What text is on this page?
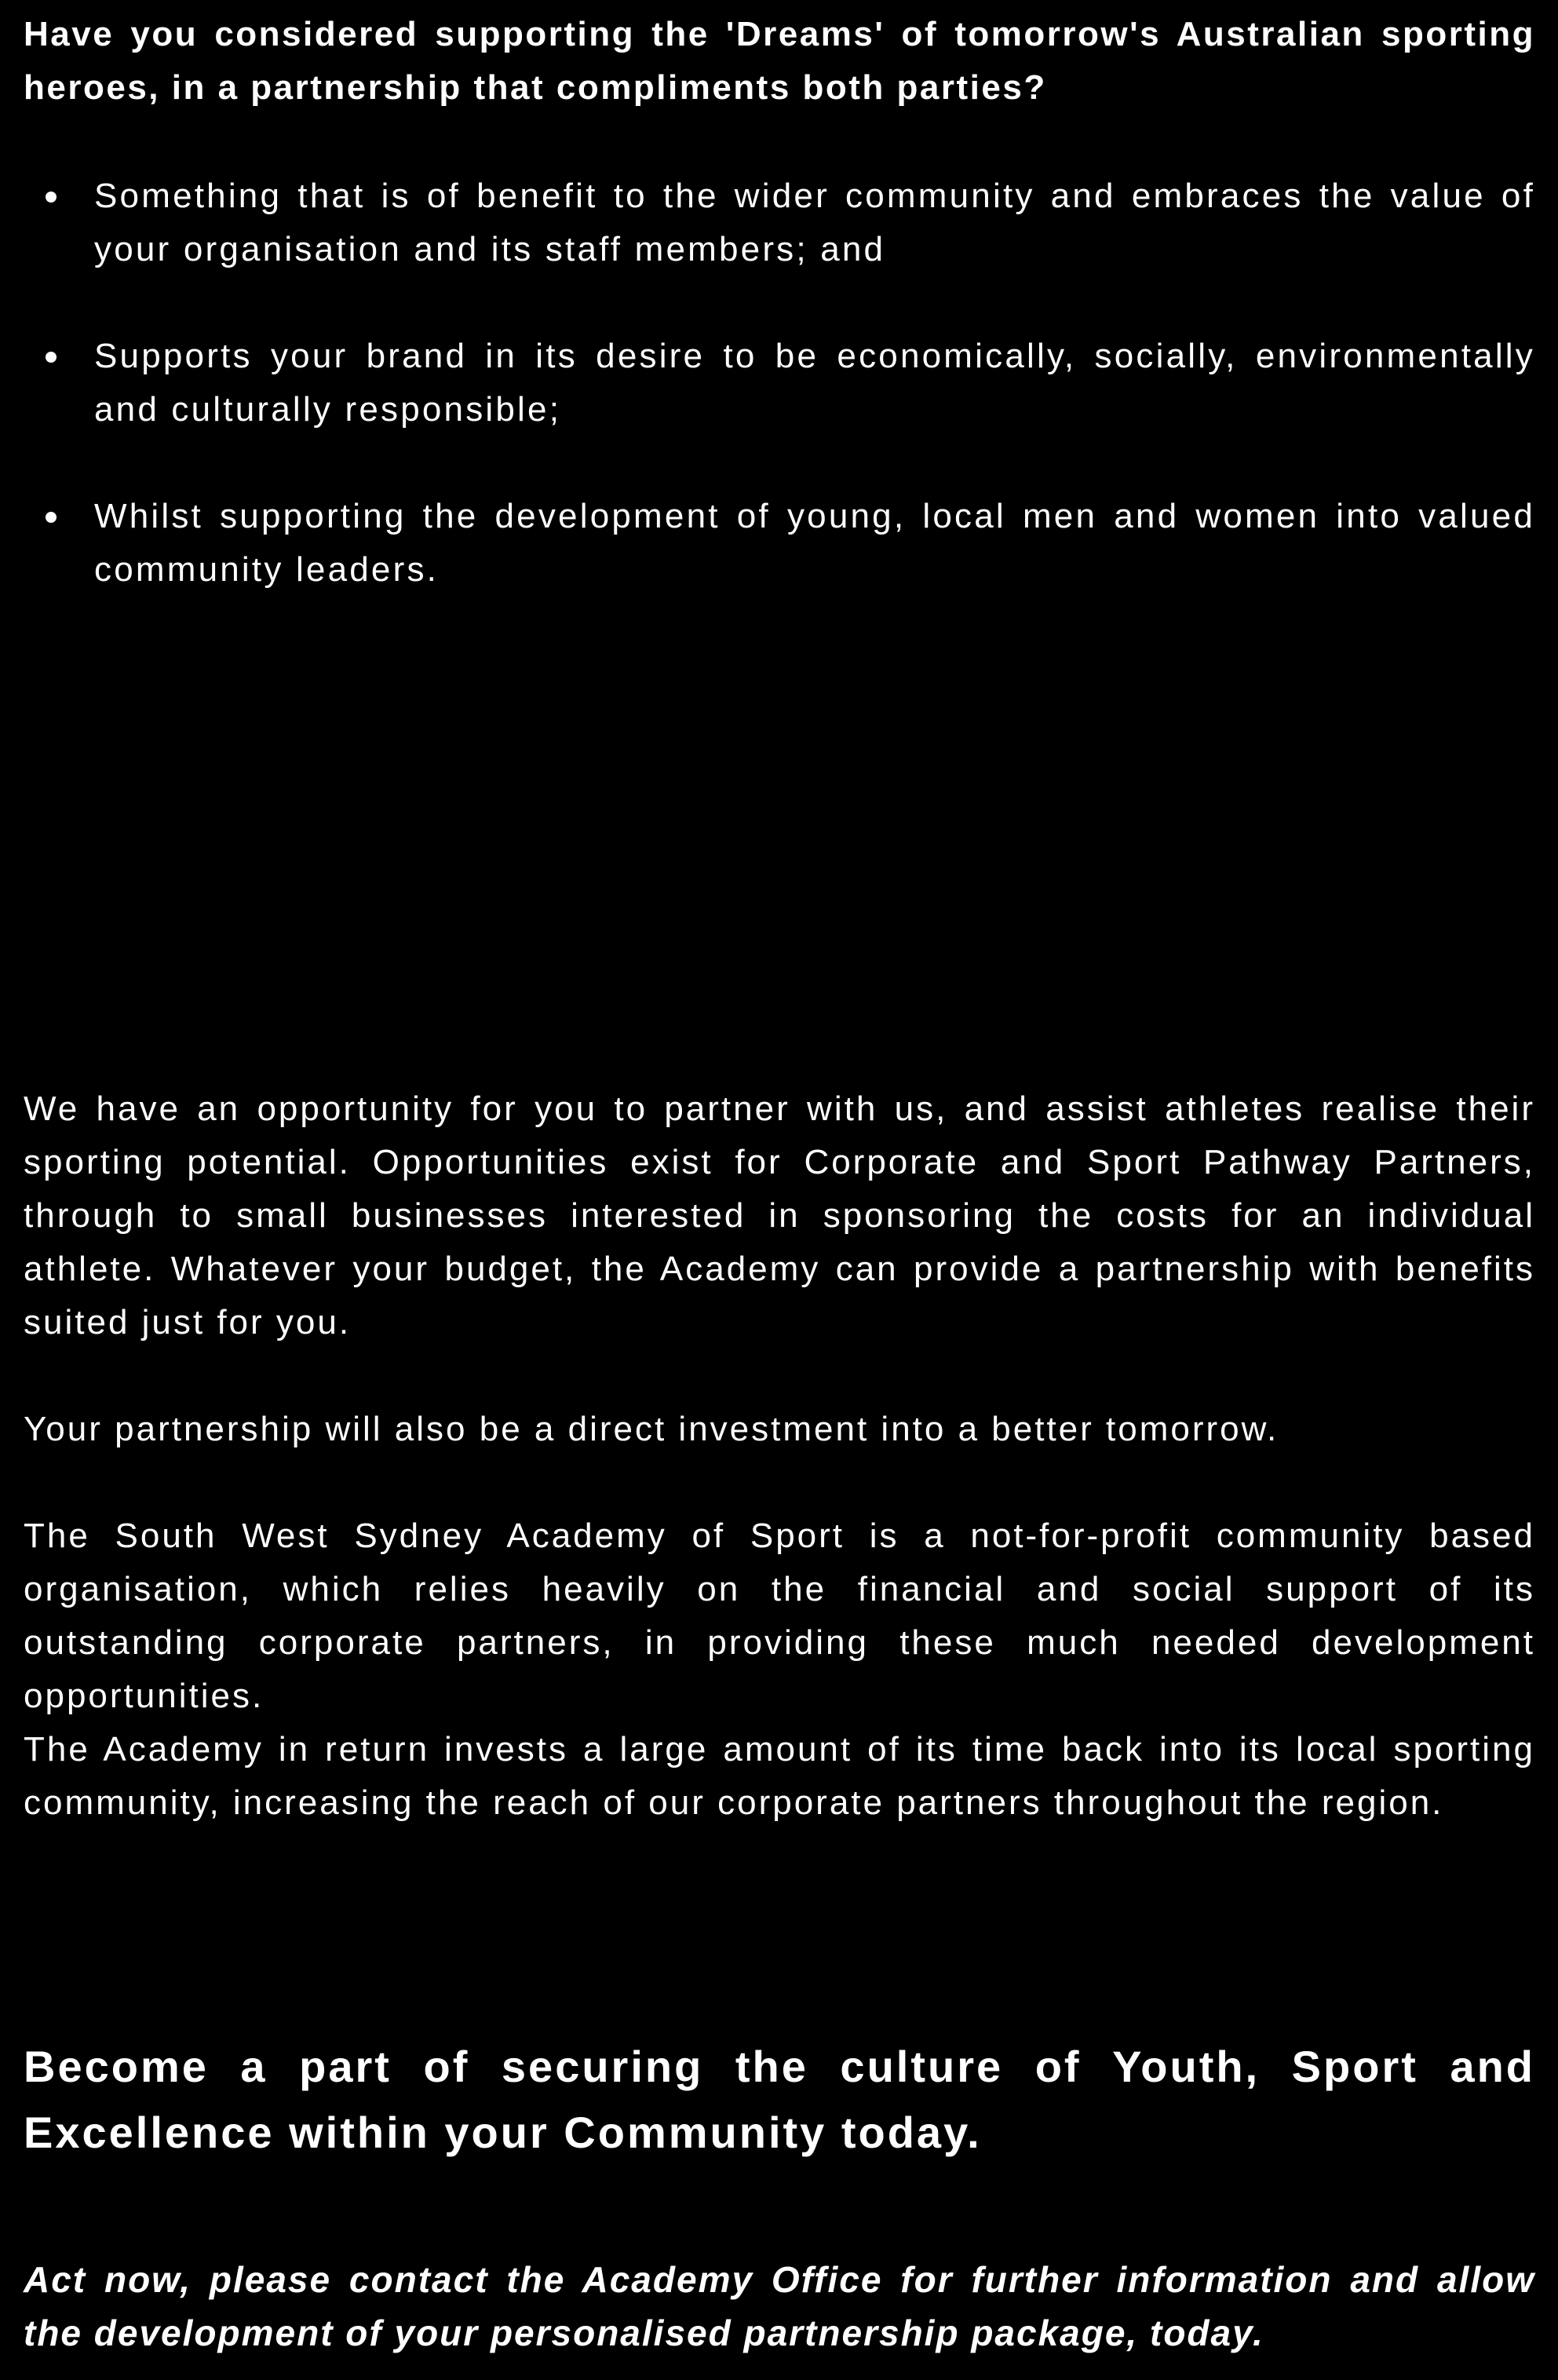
Have you considered supporting the 'Dreams' of tomorrow's Australian sporting heroes, in a partnership that compliments both parties?

Something that is of benefit to the wider community and embraces the value of your organisation and its staff members; and
Supports your brand in its desire to be economically, socially, environmentally and culturally responsible;
Whilst supporting the development of young, local men and women into valued community leaders.

We have an opportunity for you to partner with us, and assist athletes realise their sporting potential. Opportunities exist for Corporate and Sport Pathway Partners, through to small businesses interested in sponsoring the costs for an individual athlete. Whatever your budget, the Academy can provide a partnership with benefits suited just for you.

Your partnership will also be a direct investment into a better tomorrow.

The South West Sydney Academy of Sport is a not-for-profit community based organisation, which relies heavily on the financial and social support of its outstanding corporate partners, in providing these much needed development opportunities.

The Academy in return invests a large amount of its time back into its local sporting community, increasing the reach of our corporate partners throughout the region.

Become a part of securing the culture of Youth, Sport and Excellence within your Community today.

Act now, please contact the Academy Office for further information and allow the development of your personalised partnership package, today.
